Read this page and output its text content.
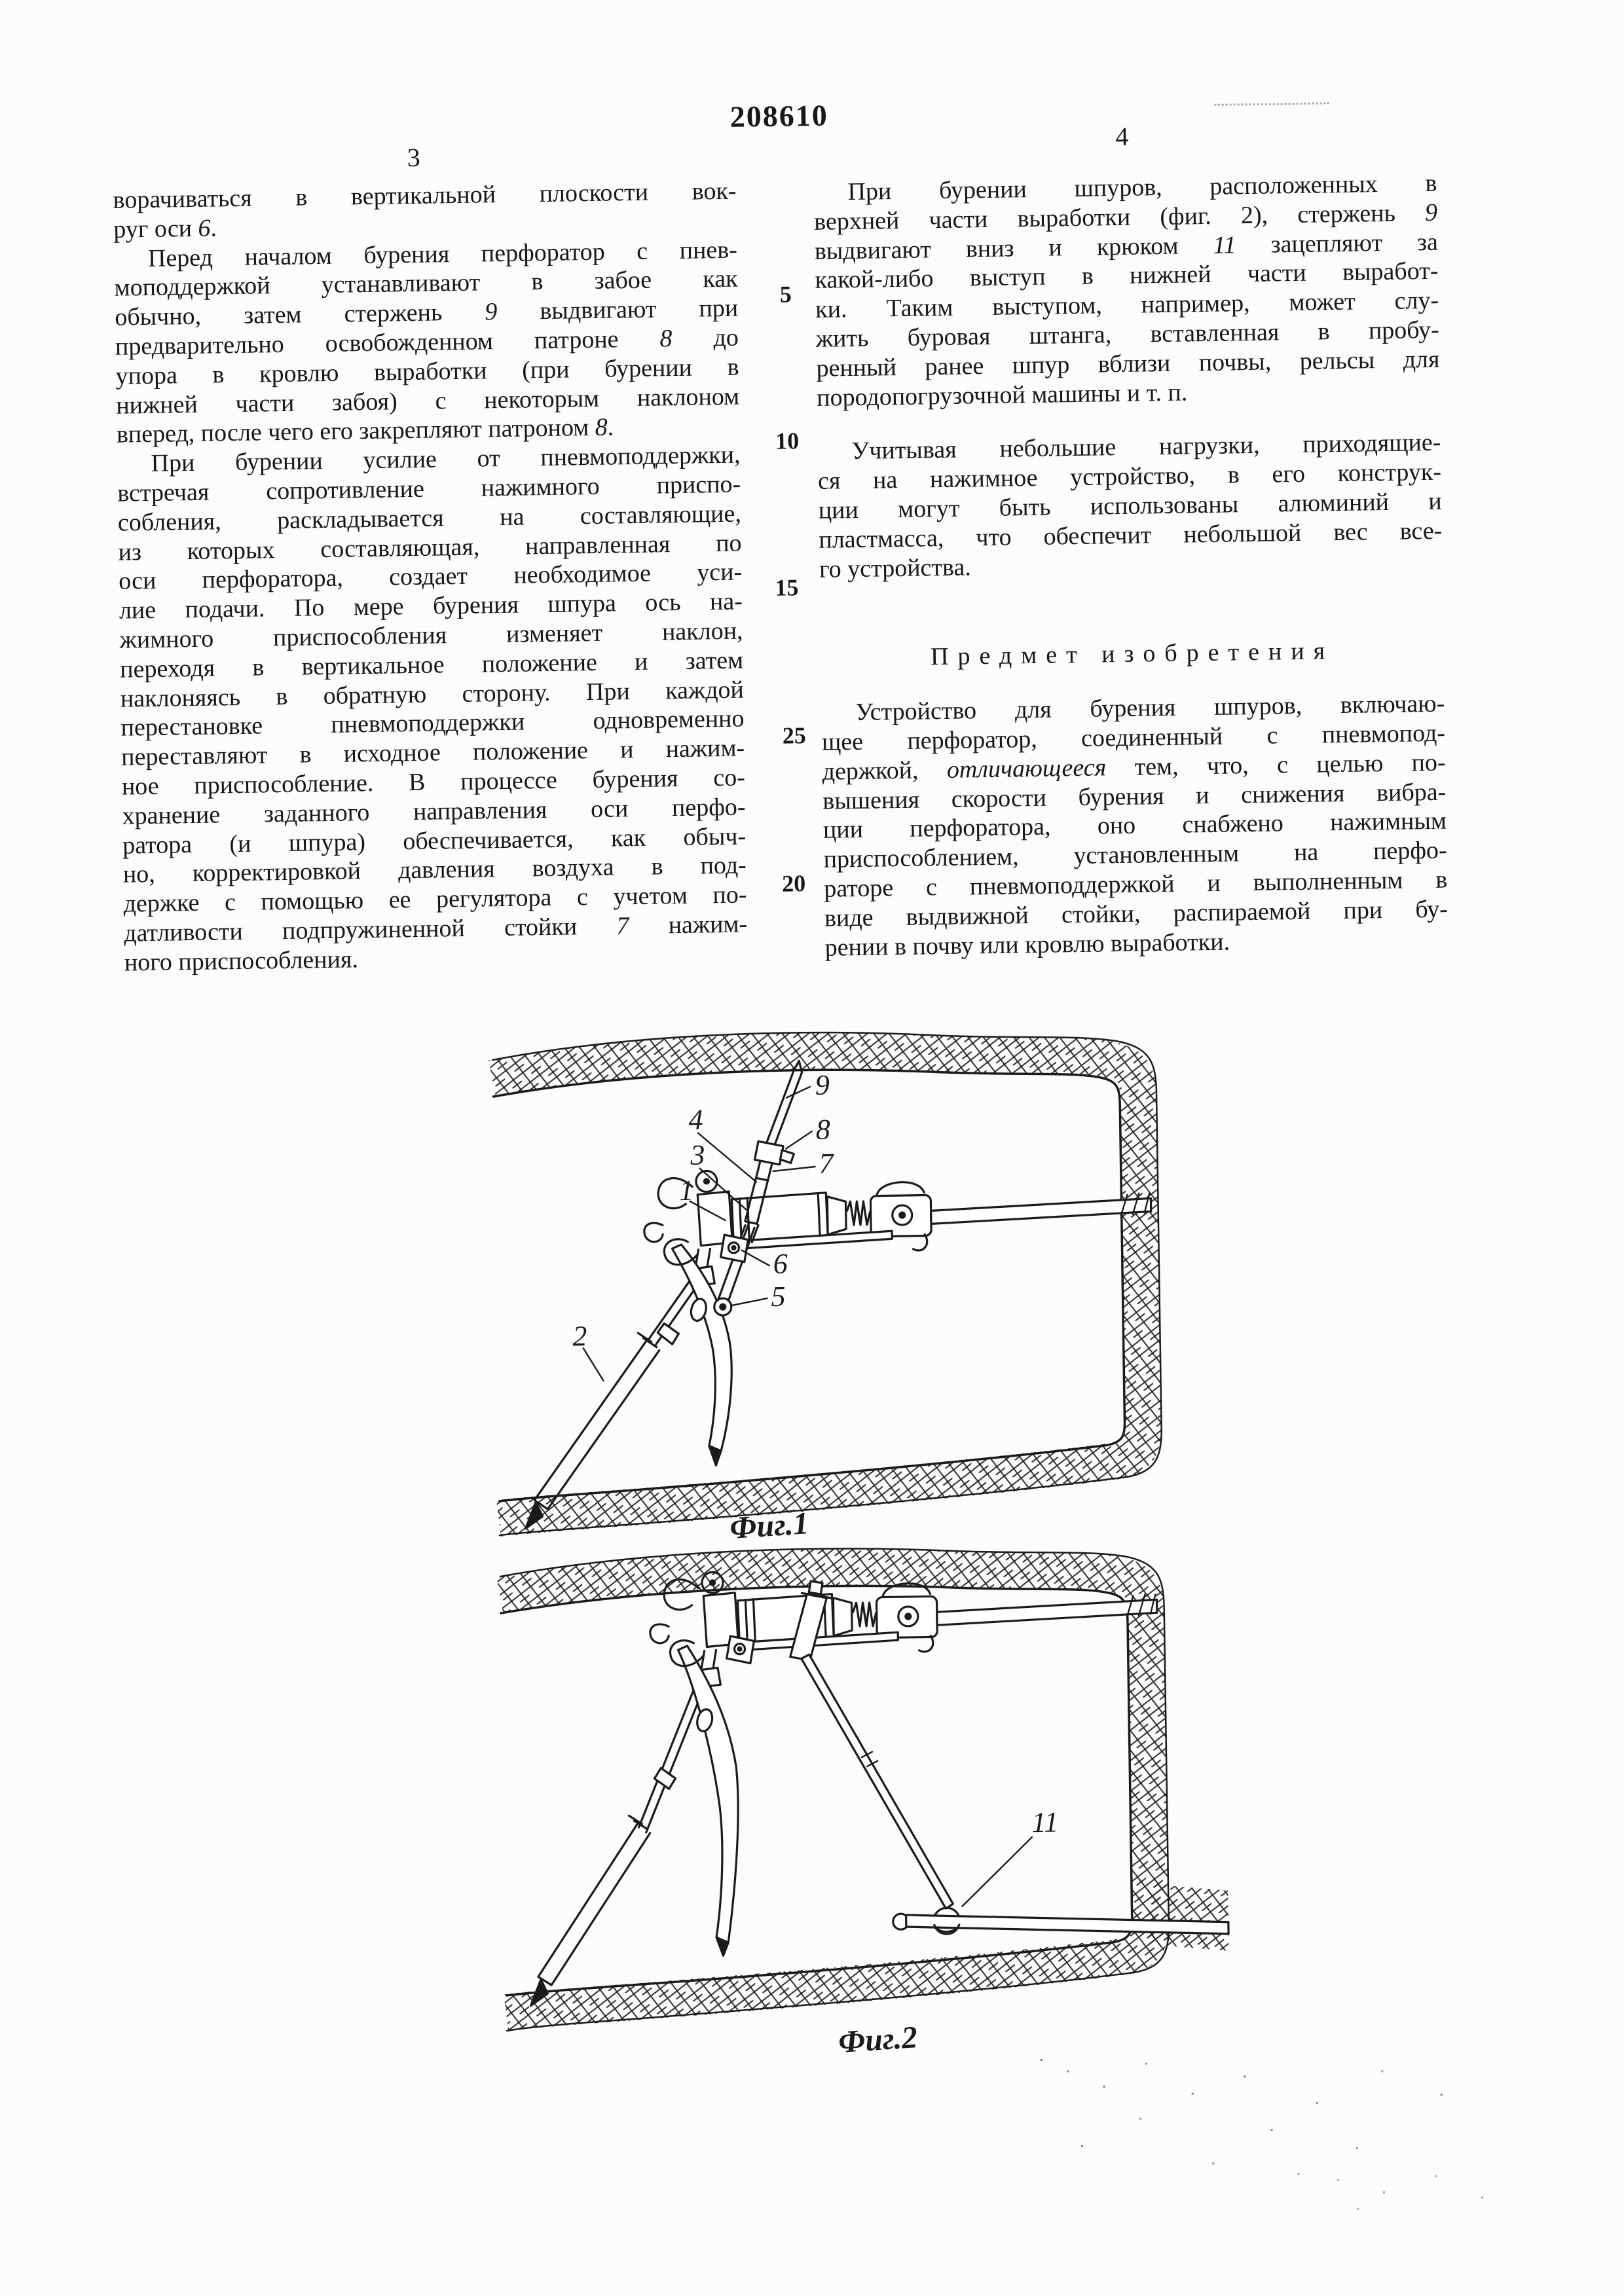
208610
3
4
ворачиваться в вертикальной плоскости вок-
руг оси 6.
Перед началом бурения перфоратор с пнев-
моподдержкой устанавливают в забое как
обычно, затем стержень 9 выдвигают при
предварительно освобожденном патроне 8 до
упора в кровлю выработки (при бурении в
нижней части забоя) с некоторым наклоном
вперед, после чего его закрепляют патроном 8.
При бурении усилие от пневмоподдержки,
встречая сопротивление нажимного приспо-
собления, раскладывается на составляющие,
из которых составляющая, направленная по
оси перфоратора, создает необходимое уси-
лие подачи. По мере бурения шпура ось на-
жимного приспособления изменяет наклон,
переходя в вертикальное положение и затем
наклоняясь в обратную сторону. При каждой
перестановке пневмоподдержки одновременно
переставляют в исходное положение и нажим-
ное приспособление. В процессе бурения со-
хранение заданного направления оси перфо-
ратора (и шпура) обеспечивается, как обыч-
но, корректировкой давления воздуха в под-
держке с помощью ее регулятора с учетом по-
датливости подпружиненной стойки 7 нажим-
ного приспособления.
При бурении шпуров, расположенных в
верхней части выработки (фиг. 2), стержень 9
выдвигают вниз и крюком 11 зацепляют за
какой-либо выступ в нижней части выработ-
ки. Таким выступом, например, может слу-
жить буровая штанга, вставленная в пробу-
ренный ранее шпур вблизи почвы, рельсы для
породопогрузочной машины и т. п.
Учитывая небольшие нагрузки, приходящие-
ся на нажимное устройство, в его конструк-
ции могут быть использованы алюминий и
пластмасса, что обеспечит небольшой вес все-
го устройства.
Предмет изобретения
Устройство для бурения шпуров, включаю-
щее перфоратор, соединенный с пневмопод-
держкой, отличающееся тем, что, с целью по-
вышения скорости бурения и снижения вибра-
ции перфоратора, оно снабжено нажимным
приспособлением, установленным на перфо-
раторе с пневмоподдержкой и выполненным в
виде выдвижной стойки, распираемой при бу-
рении в почву или кровлю выработки.
5
10
15
25
20
9
8
7
4
3
1
6
5
2
Фиг.1
11
Фиг.2
